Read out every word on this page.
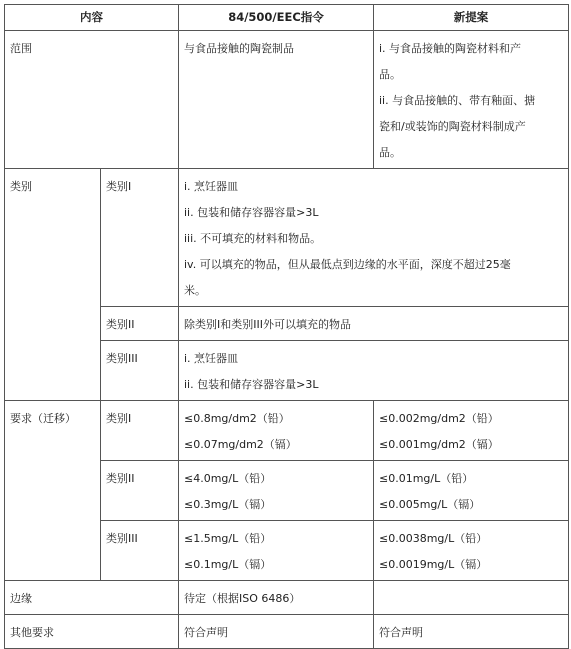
内容		84/500/EEC指令	新提案
范围		与食品接触的陶瓷制品	i. 与食品接触的陶瓷材料和产
品。
ii. 与食品接触的、带有釉面、搪
瓷和/或装饰的陶瓷材料制成产
品。

类别	类别I	i. 烹饪器皿
ii. 包装和储存容器容量>3L
iii. 不可填充的材料和物品。
iv. 可以填充的物品，但从最低点到边缘的水平面，深度不超过25毫
米。	

	类别II	除类别I和类别III外可以填充的物品	
	类别III	i. 烹饪器皿
ii. 包装和储存容器容量>3L	

要求（迁移）	类别I	≤0.8mg/dm2（铅）
≤0.07mg/dm2（镉）	≤0.002mg/dm2（铅）
≤0.001mg/dm2（镉）

	类别II	≤4.0mg/L（铅）
≤0.3mg/L（镉）	≤0.01mg/L（铅）
≤0.005mg/L（镉）

	类别III	≤1.5mg/L（铅）
≤0.1mg/L（镉）	≤0.0038mg/L（铅）
≤0.0019mg/L（镉）

边缘		待定（根据ISO 6486）	
其他要求		符合声明	符合声明
